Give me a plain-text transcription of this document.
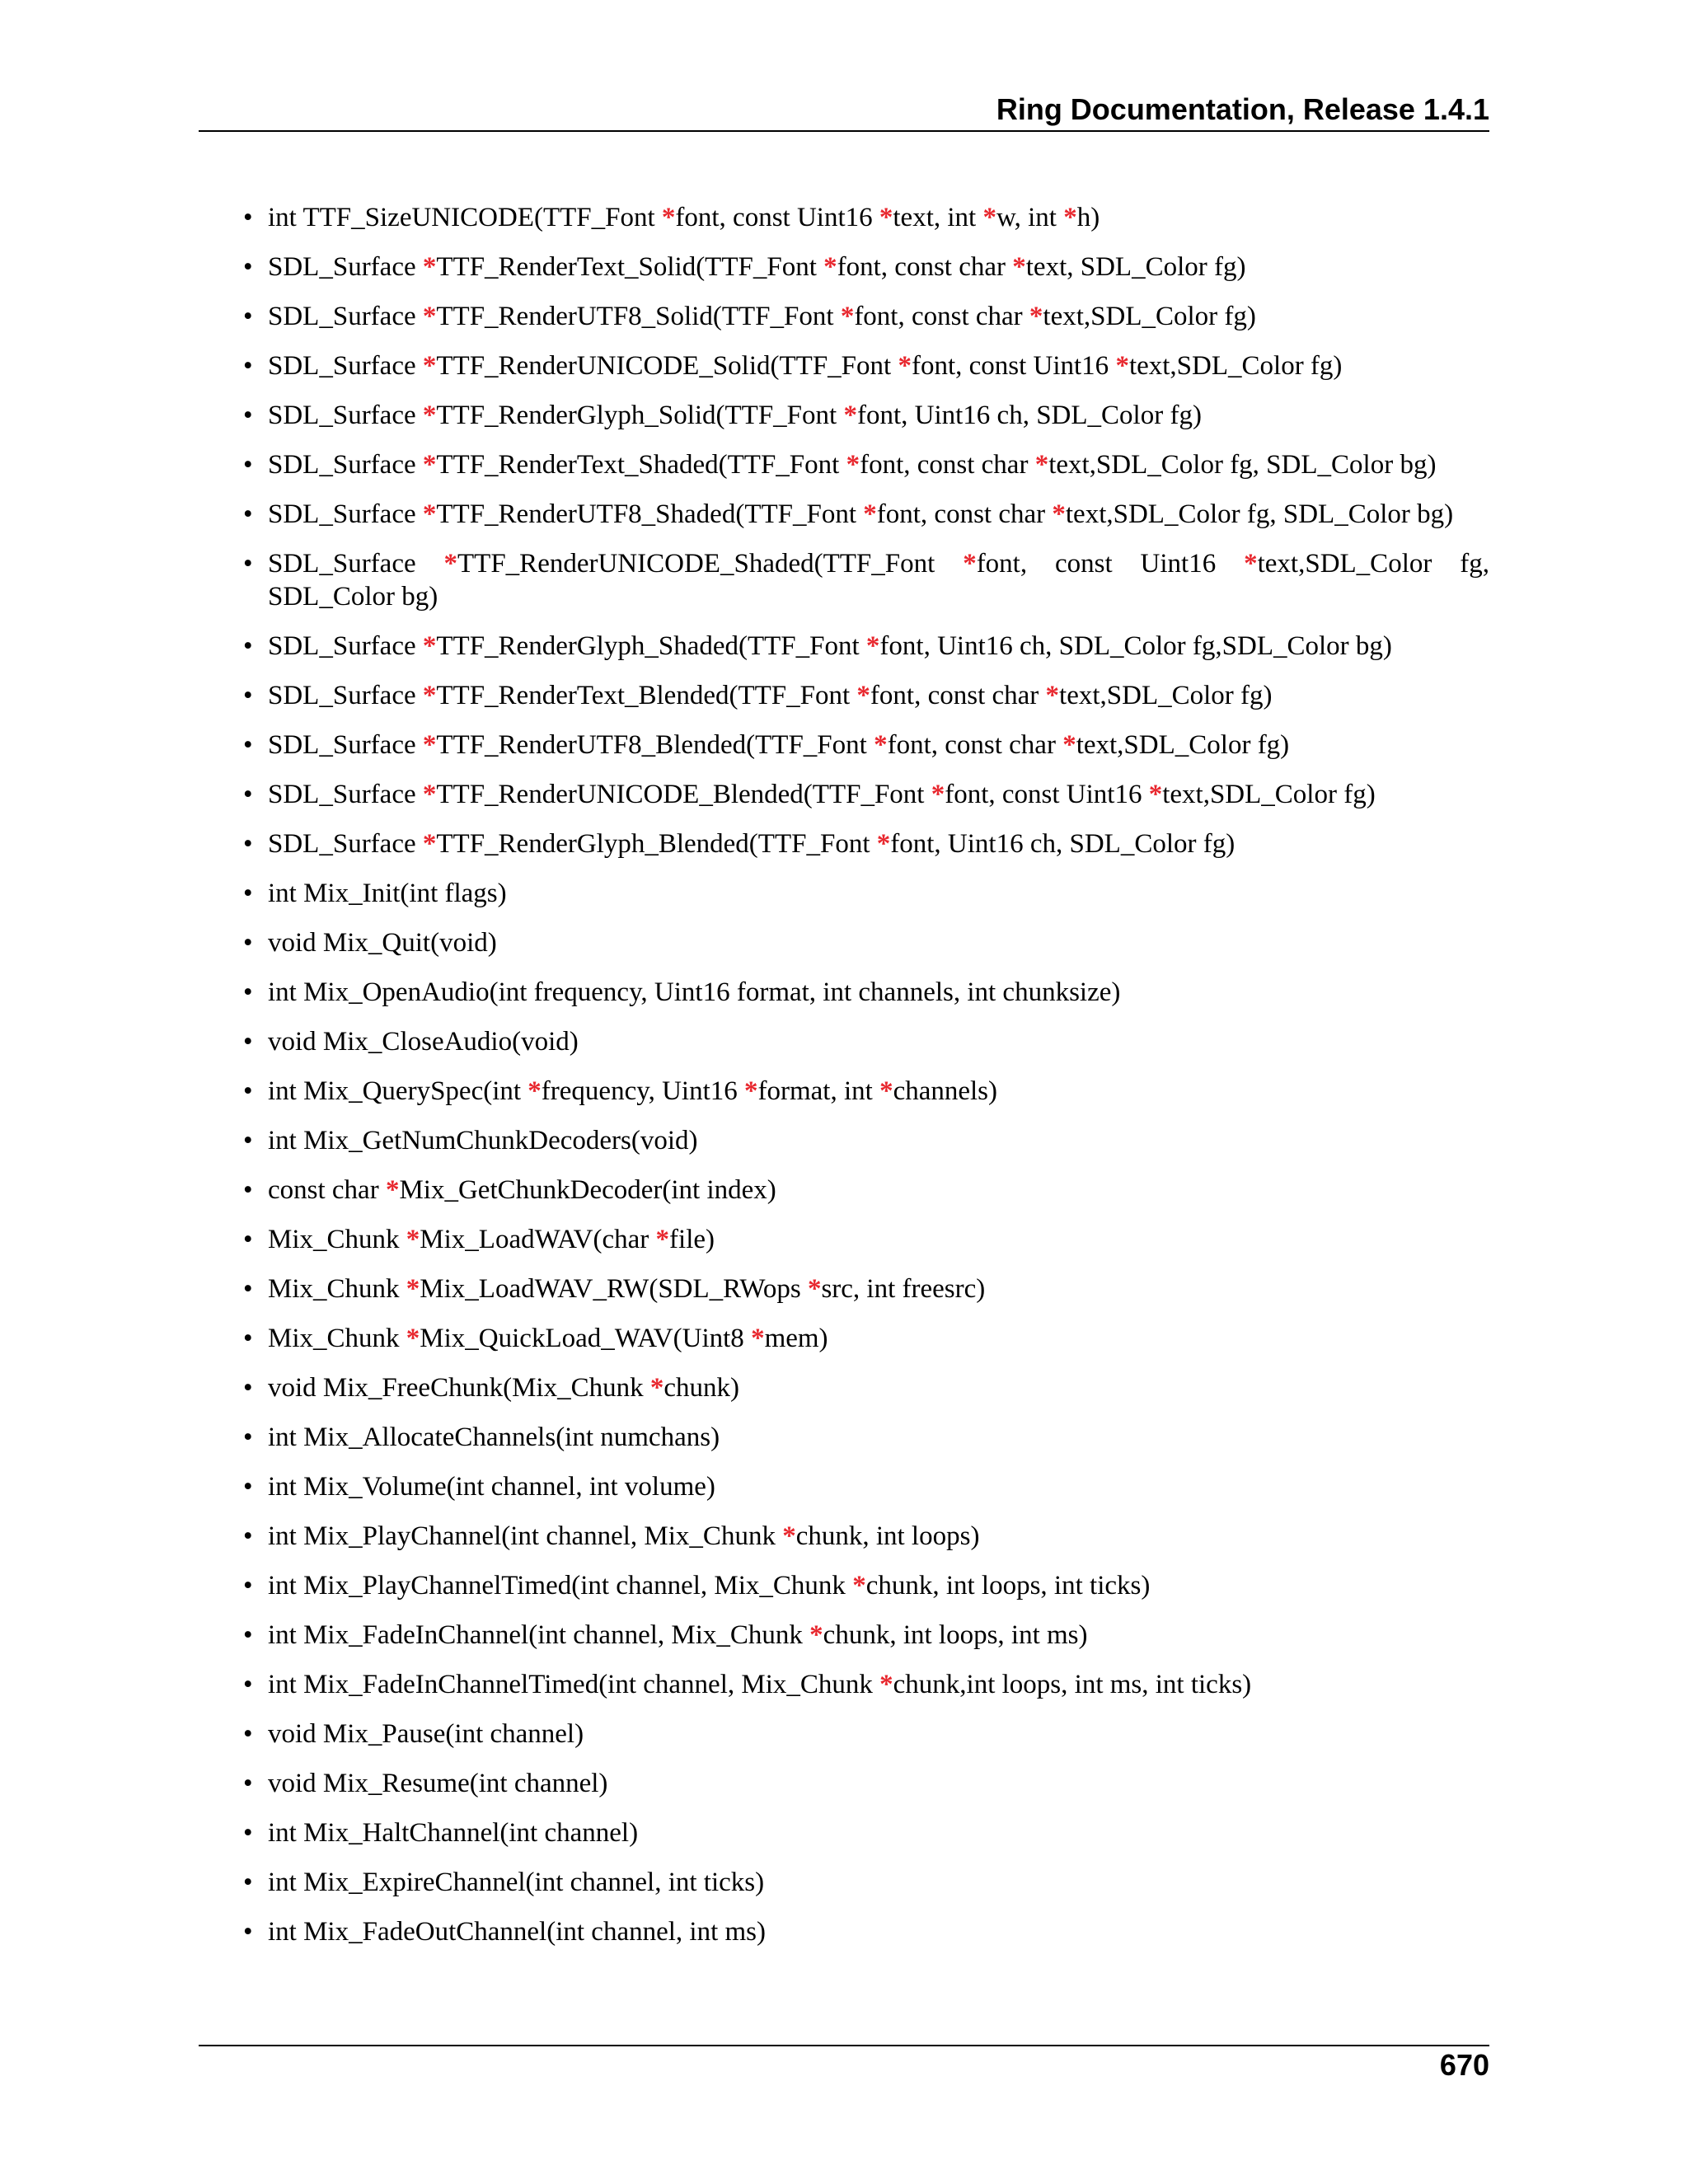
Ring Documentation, Release 1.4.1
• int TTF_SizeUNICODE(TTF_Font *font, const Uint16 *text, int *w, int *h)
• SDL_Surface *TTF_RenderText_Solid(TTF_Font *font, const char *text, SDL_Color fg)
• SDL_Surface *TTF_RenderUTF8_Solid(TTF_Font *font, const char *text,SDL_Color fg)
• SDL_Surface *TTF_RenderUNICODE_Solid(TTF_Font *font, const Uint16 *text,SDL_Color fg)
• SDL_Surface *TTF_RenderGlyph_Solid(TTF_Font *font, Uint16 ch, SDL_Color fg)
• SDL_Surface *TTF_RenderText_Shaded(TTF_Font *font, const char *text,SDL_Color fg, SDL_Color bg)
• SDL_Surface *TTF_RenderUTF8_Shaded(TTF_Font *font, const char *text,SDL_Color fg, SDL_Color bg)
• SDL_Surface *TTF_RenderUNICODE_Shaded(TTF_Font *font, const Uint16 *text,SDL_Color fg, SDL_Color bg)
• SDL_Surface *TTF_RenderGlyph_Shaded(TTF_Font *font, Uint16 ch, SDL_Color fg,SDL_Color bg)
• SDL_Surface *TTF_RenderText_Blended(TTF_Font *font, const char *text,SDL_Color fg)
• SDL_Surface *TTF_RenderUTF8_Blended(TTF_Font *font, const char *text,SDL_Color fg)
• SDL_Surface *TTF_RenderUNICODE_Blended(TTF_Font *font, const Uint16 *text,SDL_Color fg)
• SDL_Surface *TTF_RenderGlyph_Blended(TTF_Font *font, Uint16 ch, SDL_Color fg)
• int Mix_Init(int flags)
• void Mix_Quit(void)
• int Mix_OpenAudio(int frequency, Uint16 format, int channels, int chunksize)
• void Mix_CloseAudio(void)
• int Mix_QuerySpec(int *frequency, Uint16 *format, int *channels)
• int Mix_GetNumChunkDecoders(void)
• const char *Mix_GetChunkDecoder(int index)
• Mix_Chunk *Mix_LoadWAV(char *file)
• Mix_Chunk *Mix_LoadWAV_RW(SDL_RWops *src, int freesrc)
• Mix_Chunk *Mix_QuickLoad_WAV(Uint8 *mem)
• void Mix_FreeChunk(Mix_Chunk *chunk)
• int Mix_AllocateChannels(int numchans)
• int Mix_Volume(int channel, int volume)
• int Mix_PlayChannel(int channel, Mix_Chunk *chunk, int loops)
• int Mix_PlayChannelTimed(int channel, Mix_Chunk *chunk, int loops, int ticks)
• int Mix_FadeInChannel(int channel, Mix_Chunk *chunk, int loops, int ms)
• int Mix_FadeInChannelTimed(int channel, Mix_Chunk *chunk,int loops, int ms, int ticks)
• void Mix_Pause(int channel)
• void Mix_Resume(int channel)
• int Mix_HaltChannel(int channel)
• int Mix_ExpireChannel(int channel, int ticks)
• int Mix_FadeOutChannel(int channel, int ms)
670
